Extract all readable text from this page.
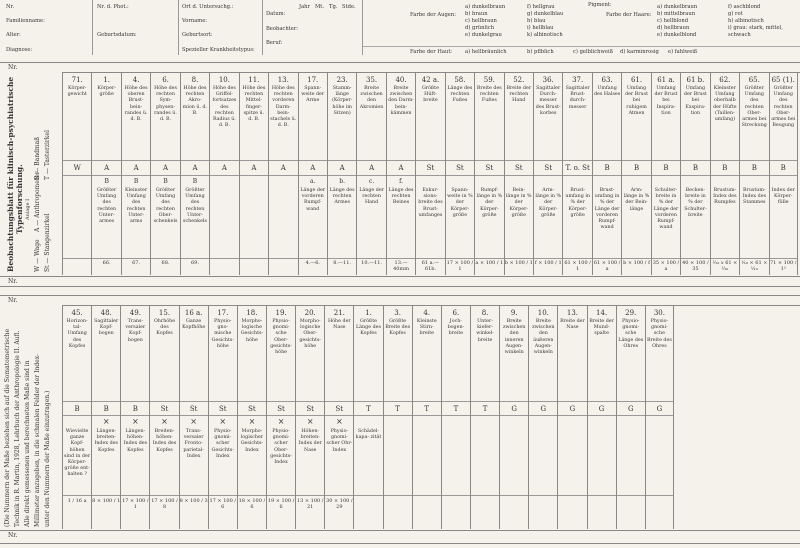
Nr.
Familienname:
Alter:
Diagnose:
Nr. d. Phot.:
Geburtsdatum:
Ort d. Untersuchg.:
Vorname:
Geburtsort:
Spezieller Krankheitstypus:
Datum:
Jahr Mt. Tg. Stde.
Beobachter:
Beruf:
Farbe der Augen:
a) dunkelbraun
b) braun
c) hellbraun
d) grünlich
e) dunkelgrau
f) hellgrau
g) dunkelblau
h) blau
i) hellblau
k) albinotisch
Pigment:
Farbe der Haare:
a) dunkelbraun
b) mittelbraun
c) hellblond
d) hellbraun
e) dunkelblond
f) aschblond
g) rot
h) albinotisch
i) grau: stark, mittel, schwach
Farbe der Haut: a) hellbräunlich	b) pflblich	c) gelblichweiß d) karminrosig e) fahlweiß
Nr.
Nr.
Nr.
Nr.
Beobachtungsblatt für klinisch-psychiatrische Typenforschung. Anlage I
W — Wage
A — Anthropometer
B — Bandmaß
St — Stangenzirkel
T — Tasterzirkel
(Die Nummern der Maße beziehen sich auf die Somatometrische Technik in R. Martin, 1928, Lehrbuch der Anthropologie II. Aufl. Alle direkt gemessenen und berechneten Maße sind in Millimeter anzugeben, in die schmalen Felder der Index- unter den Nummern der Maße einzutragen.)
71.
Körper- gewicht
W
1.
Körper- größe
A
B
Größter Umfang des rechten Unter- armes
66.
4.
Höhe des oberen Brust- bein- randes ü. d. B.
A
B
Kleinster Umfang des rechten Unter- arms
67.
6.
Höhe des rechten Sym- physen- randes ü. d. B.
A
B
Größter Umfang des rechten Ober- schenkels
68.
8.
Höhe des rechten Akro- mion ü. d. B.
A
B
Größter Umfang des rechten Unter- schenkels
69.
10.
Höhe des Griffel- fortsatzes des rechten Radius ü. d. B.
A
11.
Höhe des rechten Mittel- finger- spitze ü. d. B.
A
13.
Höhe des rechten vorderen Darm- bein- stachels ü. d. B.
A
17.
Spann- weite der Arme
A
a.
Länge der vorderen Rumpf- wand
4.—6.
23.
Stamm- länge (Körper- höhe im Sitzen)
A
b.
Länge des rechten Armes
8.—11.
35.
Breite zwischen den Akromien
A
c.
Länge der rechten Hand
10.—11.
40.
Breite zwischen den Darm- bein- kämmen
A
f.
Länge des rechten Beines
13.—40mm
42 a.
Größte Hüft- breite
St
Exkur- sions- breite des Brust- umfanges
61 a.—61b.
58.
Länge des rechten Fußes
St
Spann- weite in % der Körper- größe
17 × 100 / 1
59.
Breite des rechten Fußes
St
Rumpf- länge in % der Körper- größe
a × 100 / 1
52.
Breite der rechten Hand
St
Bein- länge in % der Körper- größe
b × 100 / 1
36.
Sagittaler Durch- messer des Brust- korbes
St
Arm- länge in % der Körper- größe
f × 100 / 1
37.
Sagittaler Brust- durch- messer
T. o. St
Brust- umfang in % der Körper- größe
61 × 100 / 1
63.
Umfang des Halses
B
Brust- umfang in % der Länge der vorderen Rumpf- wand
61 × 100 / a
61.
Umfang der Brust bei ruhigem Atmen
B
Arm- länge in % der Bein- länge
b × 100 / f
61 a.
Umfang der Brust bei Inspira- tion
B
Schulter- breite in % der Länge der vorderen Rumpf- wand
35 × 100 / a
61 b.
Umfang der Brust bei Exspira- tion
B
Becken- breite in % der Schulter- breite
40 × 100 / 35
62.
Kleinster Umfang oberhalb der Hüfte (Taillen- umfang)
B
Brustum- Index des Rumpfes
⅟₁₀ 𝑥 61 × ⅟₁₀
65.
Größter Umfang des rechten Ober- armes bei Streckung
B
Brustum- Index des Stammes
⅟₁₀ × 61 × ⅟₁₀
65 (1).
Größter Umfang des rechten Ober- armes bei Beugung
B
Index der Körper- fülle
71 × 100 / 1³
45.
Horizon- tal- Umfang des Kopfes
B
Wievielte ganze Kopf- höhen sind in der Körper- größe ent- halten ?
1 / 16 a
48.
Sagittaler Kopf- bogen
B
×
Längen- breiten- Index des Kopfes
8 × 100 / 1
49.
Trans- versaler Kopf- bogen
B
×
Längen- höhen- Index des Kopfes
17 × 100 / 1
15.
Ohrhöhe des Kopfes
St
×
Breiten- höhen- Index des Kopfes
17 × 100 / 8
16 a.
Ganze Kopfhöhe
St
×
Trans- versaler Fronto- parietal- Index
8 × 100 / 3
17.
Physio- gno- mische Gesichts- höhe
St
×
Physio- gnomi- scher Gesichts- Index
17 × 100 / 6
18.
Morpho- logische Gesichts- höhe
St
×
Morpho- logischer Gesichts- Index
18 × 100 / 6
19.
Physio- gnomi- sche Ober- gesichts- höhe
St
×
Physio- gnomi- scher Ober- gesichts- Index
19 × 100 / 6
20.
Morpho- logische Ober- gesichts- höhe
St
×
Höhen- breiten- Index der Nase
13 × 100 / 21
21.
Höhe der Nase
St
×
Physio- gnomi- scher Ohr- Index
30 × 100 / 29
1.
Größte Länge des Kopfes
T
Schädel- kapa- zität
3.
Größte Breite des Kopfes
T
4.
Kleinste Stirn- breite
T
6.
Joch- bogen- breite
T
8.
Unter- kiefer- winkel- breite
T
9.
Breite zwischen den inneren Augen- winkeln
G
10.
Breite zwischen den äußeren Augen- winkeln
G
13.
Breite der Nase
G
14.
Breite der Mund- spalte
G
29.
Physio- gnomi- sche Länge des Ohres
G
30.
Physio- gnomi- sche Breite des Ohres
G
